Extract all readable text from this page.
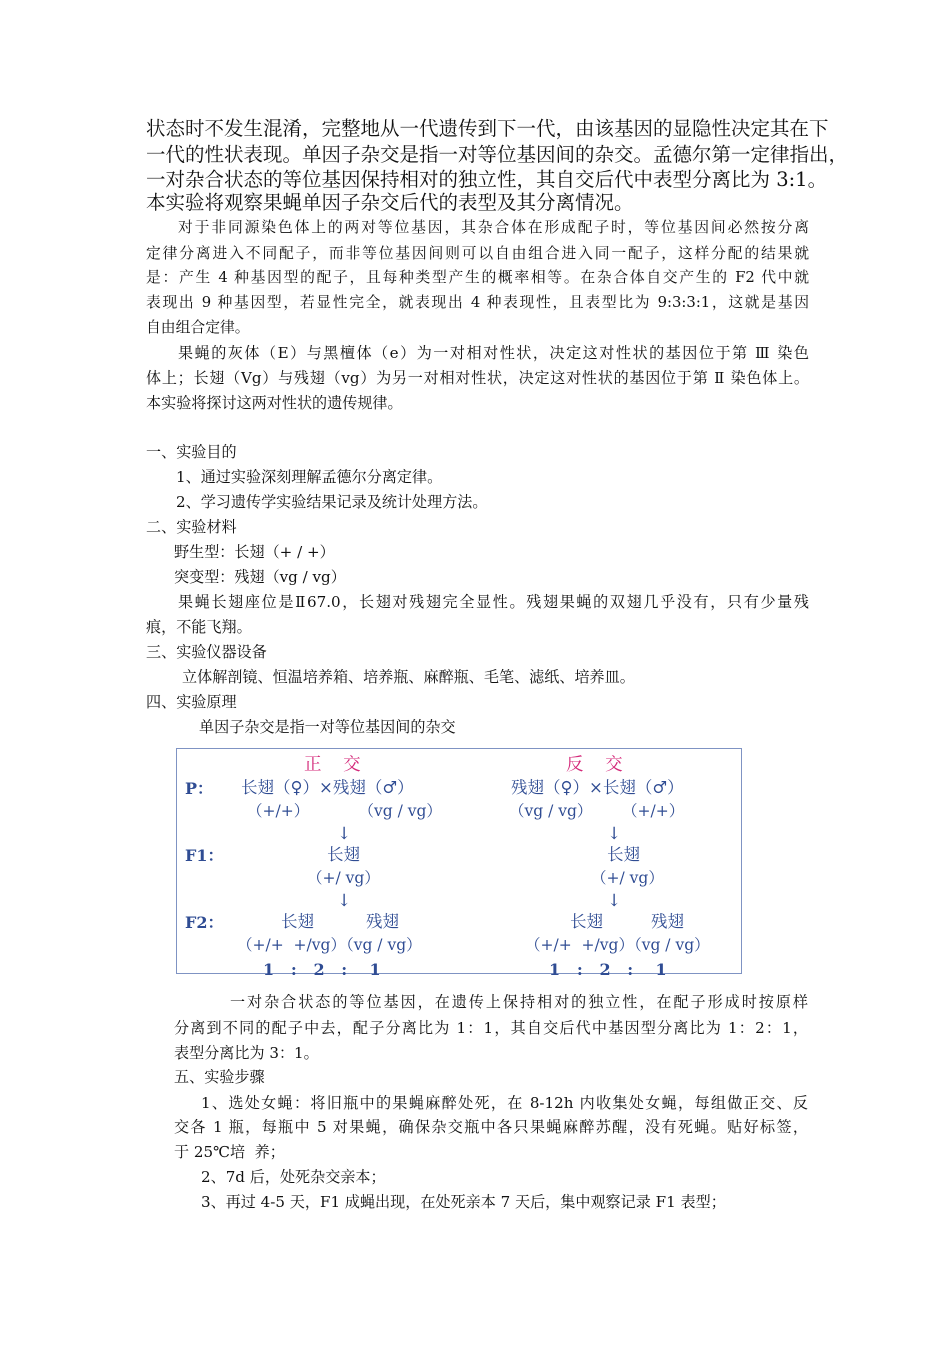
状态时不发生混淆，完整地从一代遗传到下一代，由该基因的显隐性决定其在下
一代的性状表现。单因子杂交是指一对等位基因间的杂交。孟德尔第一定律指出，
一对杂合状态的等位基因保持相对的独立性，其自交后代中表型分离比为 3:1。
本实验将观察果蝇单因子杂交后代的表型及其分离情况。
对于非同源染色体上的两对等位基因，其杂合体在形成配子时，等位基因间必然按分离
定律分离进入不同配子，而非等位基因间则可以自由组合进入同一配子，这样分配的结果就
是：产生 4 种基因型的配子，且每种类型产生的概率相等。在杂合体自交产生的 F2 代中就
表现出 9 种基因型，若显性完全，就表现出 4 种表现性，且表型比为 9:3:3:1，这就是基因
自由组合定律。
果蝇的灰体（E）与黑檀体（e）为一对相对性状，决定这对性状的基因位于第 Ⅲ 染色
体上；长翅（Vg）与残翅（vg）为另一对相对性状，决定这对性状的基因位于第 Ⅱ 染色体上。
本实验将探讨这两对性状的遗传规律。
一、实验目的
1、通过实验深刻理解孟德尔分离定律。
2、学习遗传学实验结果记录及统计处理方法。
二、实验材料
野生型：长翅（+ / +）
突变型：残翅（vg / vg）
果蝇长翅座位是Ⅱ67.0，长翅对残翅完全显性。残翅果蝇的双翅几乎没有，只有少量残
痕，不能飞翔。
三、实验仪器设备
立体解剖镜、恒温培养箱、培养瓶、麻醉瓶、毛笔、滤纸、培养皿。
四、实验原理
单因子杂交是指一对等位基因间的杂交
P：
F1：
F2：
正 交
长翅（♀）×残翅（♂）
（+/+）          （vg / vg）
↓
长翅
（+/ vg）
↓
长翅	残翅
（+/+  +/vg）（vg / vg）
1   :   2   :    1
反 交
残翅（♀）×长翅（♂）
（vg / vg）      （+/+）
↓
长翅
（+/ vg）
↓
长翅	残翅
（+/+  +/vg）（vg / vg）
1   :   2   :    1
一对杂合状态的等位基因，在遗传上保持相对的独立性，在配子形成时按原样
分离到不同的配子中去，配子分离比为 1：1，其自交后代中基因型分离比为 1：2：1，
表型分离比为 3：1。
五、实验步骤
1、选处女蝇：将旧瓶中的果蝇麻醉处死，在 8-12h 内收集处女蝇，每组做正交、反
交各 1 瓶，每瓶中 5 对果蝇，确保杂交瓶中各只果蝇麻醉苏醒，没有死蝇。贴好标签，
于 25℃培  养；
2、7d 后，处死杂交亲本；
3、再过 4-5 天，F1 成蝇出现，在处死亲本 7 天后，集中观察记录 F1 表型；
